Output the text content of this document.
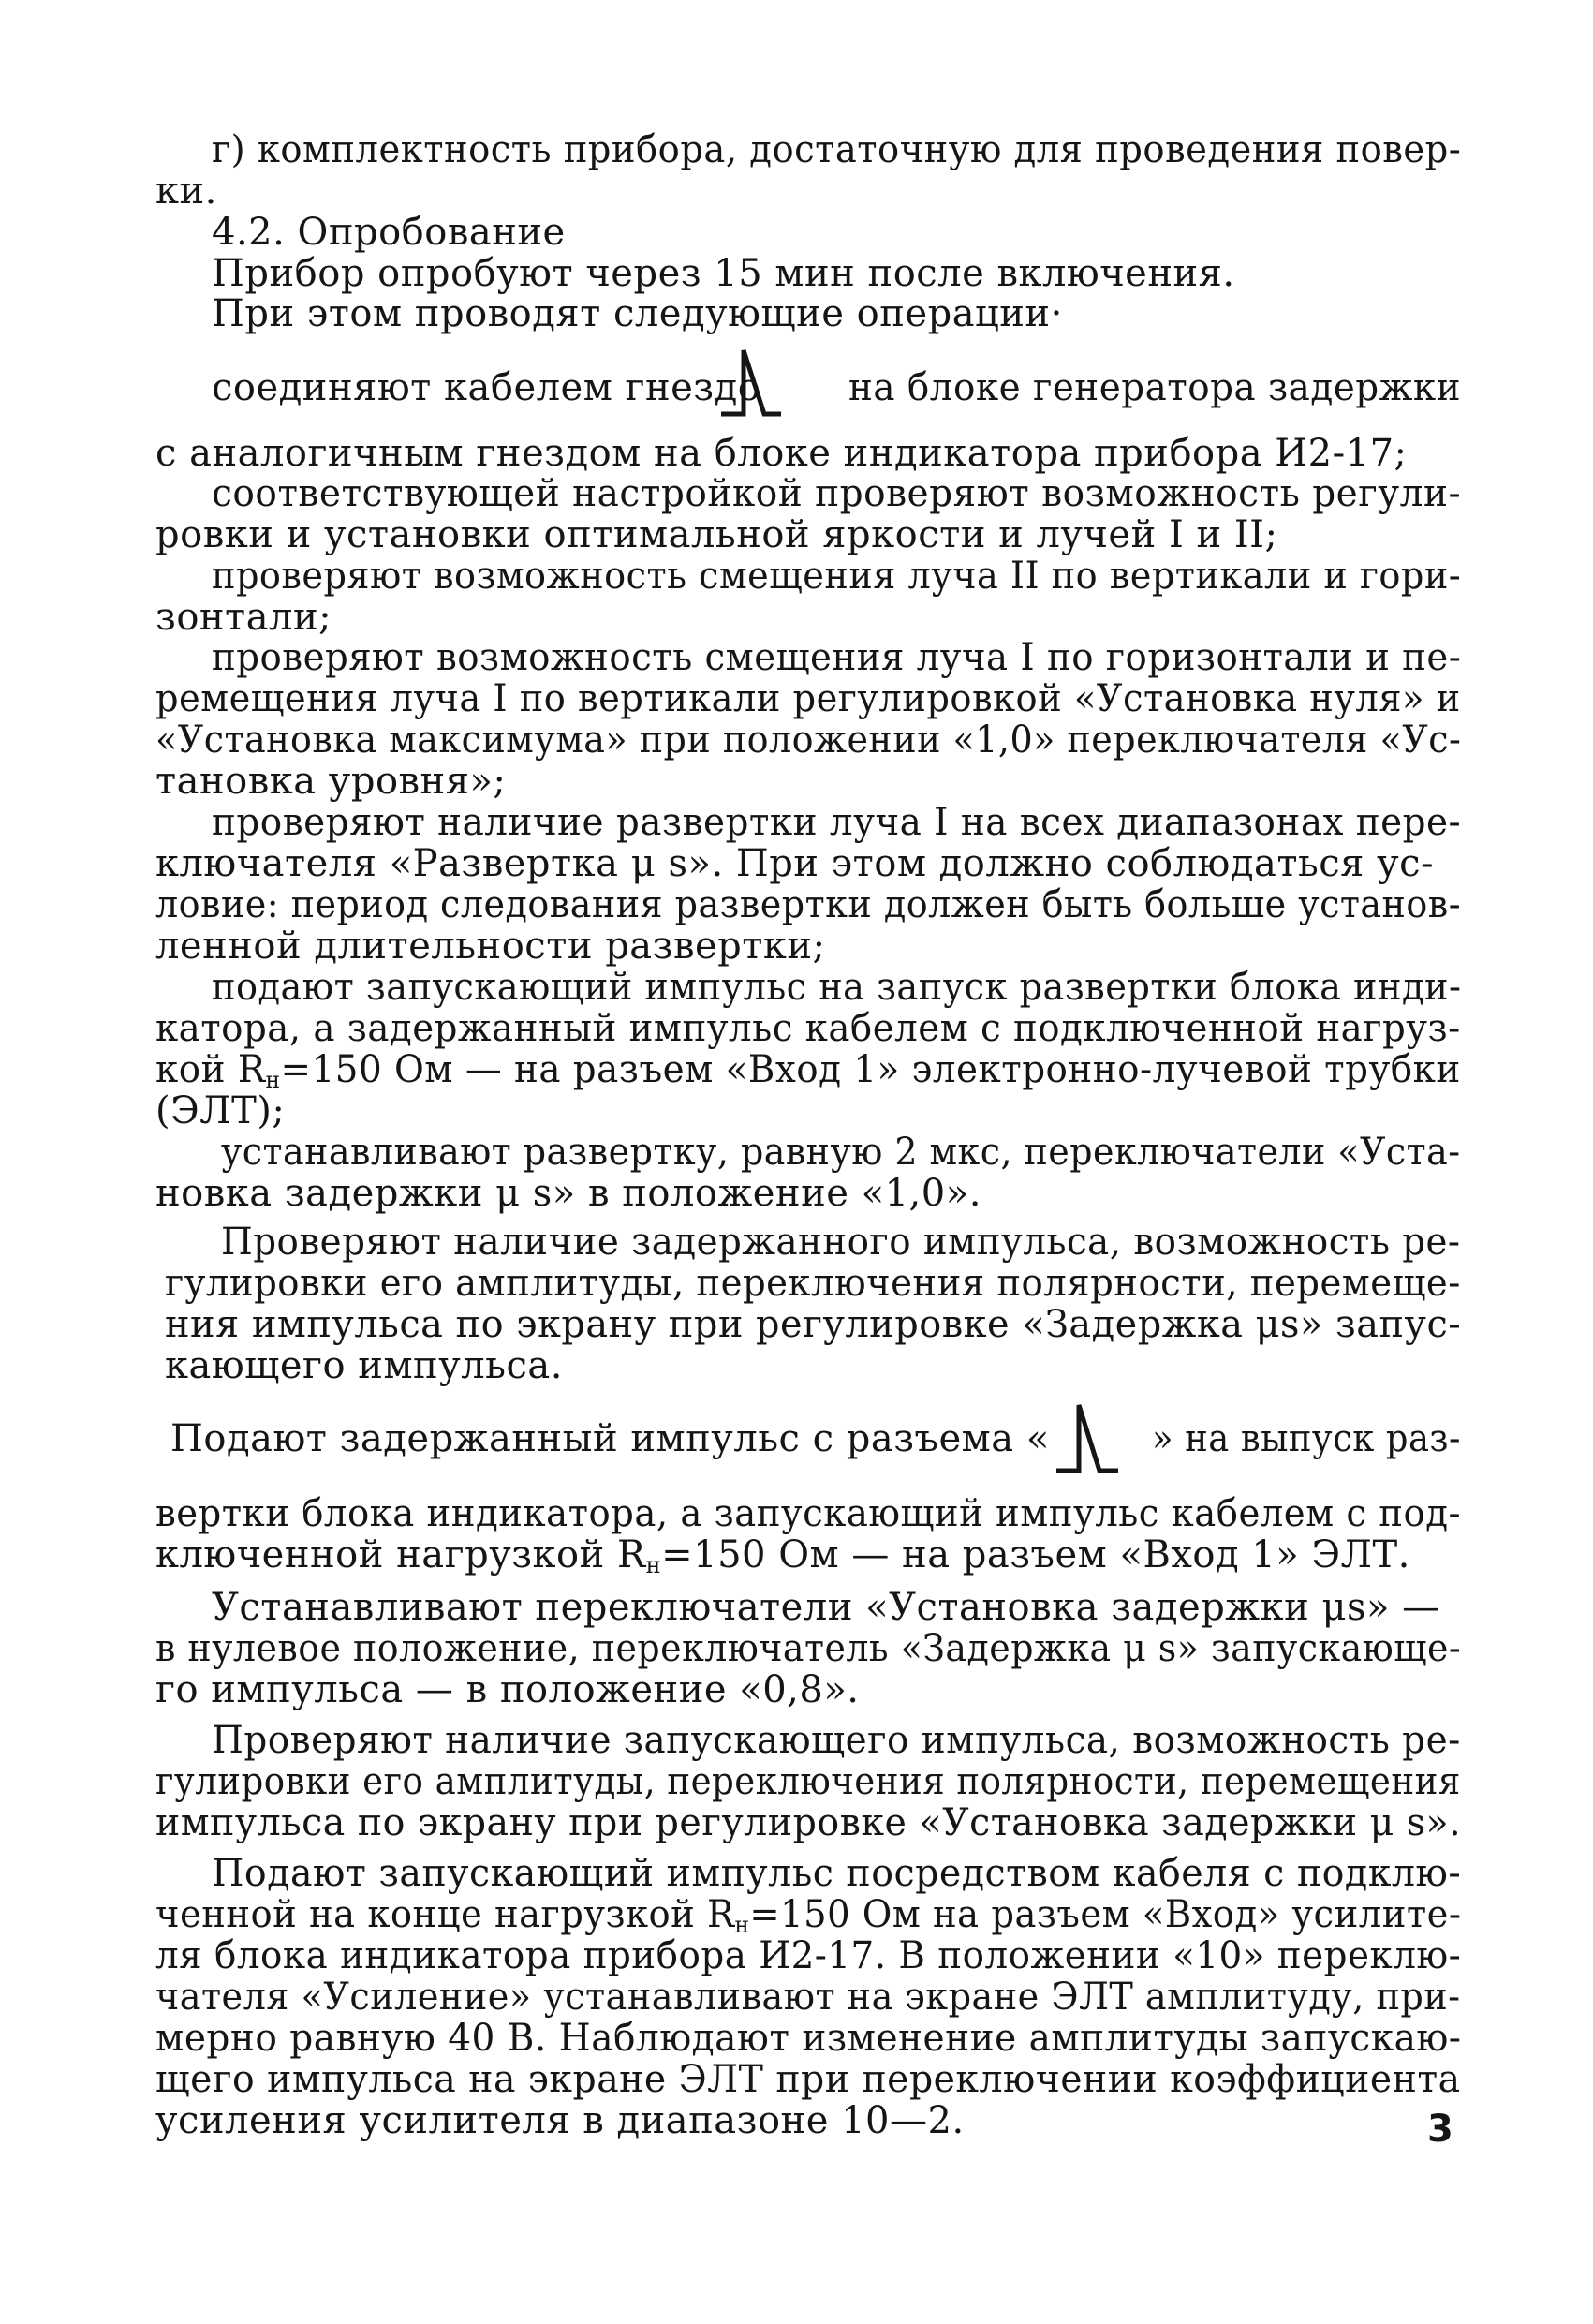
г) комплектность прибора, достаточную для проведения повер-
ки.
4.2. Опробование
Прибор опробуют через 15 мин после включения.
При этом проводят следующие операции·
соединяют кабелем гнездо на блоке генератора задержки
с аналогичным гнездом на блоке индикатора прибора И2-17;
соответствующей настройкой проверяют возможность регули-
ровки и установки оптимальной яркости и лучей I и II;
проверяют возможность смещения луча II по вертикали и гори-
зонтали;
проверяют возможность смещения луча I по горизонтали и пе-
ремещения луча I по вертикали регулировкой «Установка нуля» и
«Установка максимума» при положении «1,0» переключателя «Ус-
тановка уровня»;
проверяют наличие развертки луча I на всех диапазонах пере-
ключателя «Развертка μ s». При этом должно соблюдаться ус-
ловие: период следования развертки должен быть больше установ-
ленной длительности развертки;
подают запускающий импульс на запуск развертки блока инди-
катора, а задержанный импульс кабелем с подключенной нагруз-
кой $R_н=150$ Ом — на разъем «Вход 1» электронно-лучевой трубки
(ЭЛТ);
устанавливают развертку, равную 2 мкс, переключатели «Уста-
новка задержки μ s» в положение «1,0».
Проверяют наличие задержанного импульса, возможность ре-
гулировки его амплитуды, переключения полярности, перемеще-
ния импульса по экрану при регулировке «Задержка μs» запус-
кающего импульса.
Подают задержанный импульс с разъема «	» на выпуск раз-
вертки блока индикатора, а запускающий импульс кабелем с под-
ключенной нагрузкой $R_н=150$ Ом — на разъем «Вход 1» ЭЛТ.
Устанавливают переключатели «Установка задержки μs» —
в нулевое положение, переключатель «Задержка μ s» запускающе-
го импульса — в положение «0,8».
Проверяют наличие запускающего импульса, возможность ре-
гулировки его амплитуды, переключения полярности, перемещения
импульса по экрану при регулировке «Установка задержки μ s».
Подают запускающий импульс посредством кабеля с подклю-
ченной на конце нагрузкой $R_н=150$ Ом на разъем «Вход» усилите-
ля блока индикатора прибора И2-17. В положении «10» переклю-
чателя «Усиление» устанавливают на экране ЭЛТ амплитуду, при-
мерно равную 40 В. Наблюдают изменение амплитуды запускаю-
щего импульса на экране ЭЛТ при переключении коэффициента
усиления усилителя в диапазоне 10—2.	3
